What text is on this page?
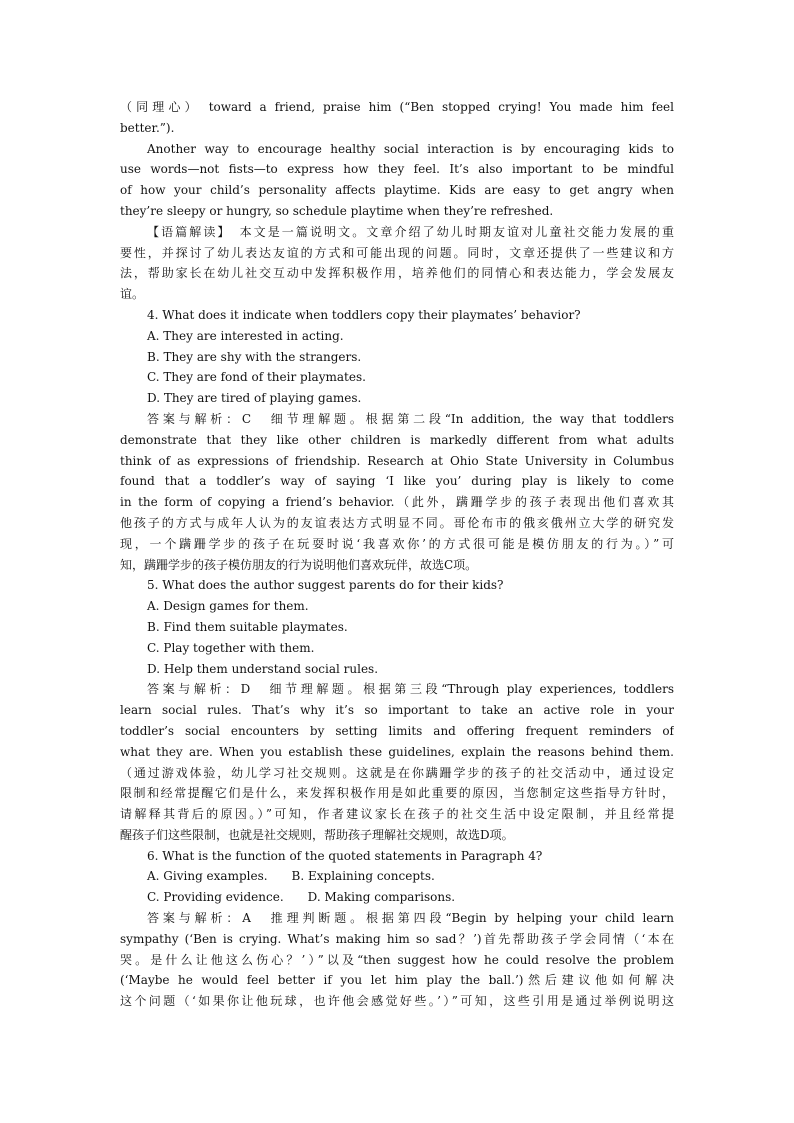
（同理心） toward a friend, praise him (“Ben stopped crying! You made him feel
better.”).
Another way to encourage healthy social interaction is by encouraging kids to
use words—not fists—to express how they feel. It’s also important to be mindful
of how your child’s personality affects playtime. Kids are easy to get angry when
they’re sleepy or hungry, so schedule playtime when they’re refreshed.
【语篇解读】　本文是一篇说明文。文章介绍了幼儿时期友谊对儿童社交能力发展的重
要性，并探讨了幼儿表达友谊的方式和可能出现的问题。同时，文章还提供了一些建议和方
法，帮助家长在幼儿社交互动中发挥积极作用，培养他们的同情心和表达能力，学会发展友
谊。
4. What does it indicate when toddlers copy their playmates’ behavior?
A. They are interested in acting.
B. They are shy with the strangers.
C. They are fond of their playmates.
D. They are tired of playing games.
答案与解析：C　细节理解题。根据第二段“In addition, the way that toddlers
demonstrate that they like other children is markedly different from what adults
think of as expressions of friendship. Research at Ohio State University in Columbus
found that a toddler’s way of saying ‘I like you’ during play is likely to come
in the form of copying a friend’s behavior.（此外，蹒跚学步的孩子表现出他们喜欢其
他孩子的方式与成年人认为的友谊表达方式明显不同。哥伦布市的俄亥俄州立大学的研究发
现，一个蹒跚学步的孩子在玩耍时说‘我喜欢你’的方式很可能是模仿朋友的行为。）”可
知，蹒跚学步的孩子模仿朋友的行为说明他们喜欢玩伴，故选C项。
5. What does the author suggest parents do for their kids?
A. Design games for them.
B. Find them suitable playmates.
C. Play together with them.
D. Help them understand social rules.
答案与解析：D　细节理解题。根据第三段“Through play experiences, toddlers
learn social rules. That’s why it’s so important to take an active role in your
toddler’s social encounters by setting limits and offering frequent reminders of
what they are. When you establish these guidelines, explain the reasons behind them.
（通过游戏体验，幼儿学习社交规则。这就是在你蹒跚学步的孩子的社交活动中，通过设定
限制和经常提醒它们是什么，来发挥积极作用是如此重要的原因，当您制定这些指导方针时，
请解释其背后的原因。）”可知，作者建议家长在孩子的社交生活中设定限制，并且经常提
醒孩子们这些限制，也就是社交规则，帮助孩子理解社交规则，故选D项。
6. What is the function of the quoted statements in Paragraph 4?
A. Giving examples.　　B. Explaining concepts.
C. Providing evidence.　　D. Making comparisons.
答案与解析：A　推理判断题。根据第四段“Begin by helping your child learn
sympathy (‘Ben is crying. What’s making him so sad？’)首先帮助孩子学会同情（‘本在
哭。是什么让他这么伤心？’）”以及“then suggest how he could resolve the problem
(‘Maybe he would feel better if you let him play the ball.’)然后建议他如何解决
这个问题（‘如果你让他玩球，也许他会感觉好些。’）”可知，这些引用是通过举例说明这
